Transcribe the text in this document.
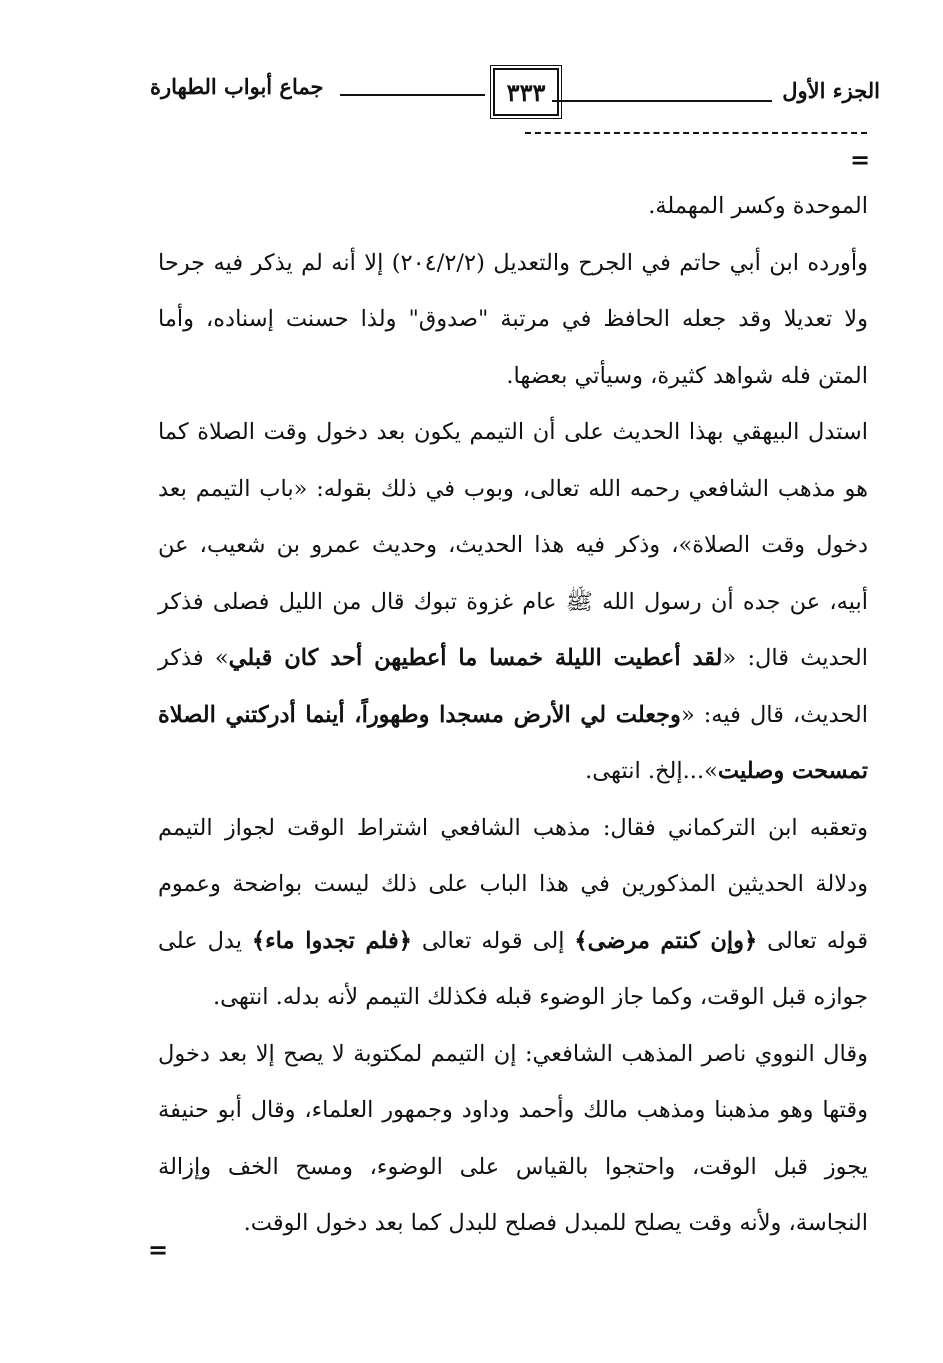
الجزء الأول
٣٣٣
جماع أبواب الطهارة
=

الموحدة وكسر المهملة.

وأورده ابن أبي حاتم في الجرح والتعديل (٢٠٤/٢/٢) إلا أنه لم يذكر فيه جرحا ولا تعديلا وقد جعله الحافظ في مرتبة "صدوق" ولذا حسنت إسناده، وأما المتن فله شواهد كثيرة، وسيأتي بعضها.

استدل البيهقي بهذا الحديث على أن التيمم يكون بعد دخول وقت الصلاة كما هو مذهب الشافعي رحمه الله تعالى، وبوب في ذلك بقوله: «باب التيمم بعد دخول وقت الصلاة»، وذكر فيه هذا الحديث، وحديث عمرو بن شعيب، عن أبيه، عن جده أن رسول الله ﷺ عام غزوة تبوك قال من الليل فصلى فذكر الحديث قال: «لقد أعطيت الليلة خمسا ما أعطيهن أحد كان قبلي» فذكر الحديث، قال فيه: «وجعلت لي الأرض مسجدا وطهوراً، أينما أدركتني الصلاة تمسحت وصليت»...إلخ. انتهى.

وتعقبه ابن التركماني فقال: مذهب الشافعي اشتراط الوقت لجواز التيمم ودلالة الحديثين المذكورين في هذا الباب على ذلك ليست بواضحة وعموم قوله تعالى ﴿وإن كنتم مرضى﴾ إلى قوله تعالى ﴿فلم تجدوا ماء﴾ يدل على جوازه قبل الوقت، وكما جاز الوضوء قبله فكذلك التيمم لأنه بدله. انتهى.

وقال النووي ناصر المذهب الشافعي: إن التيمم لمكتوبة لا يصح إلا بعد دخول وقتها وهو مذهبنا ومذهب مالك وأحمد وداود وجمهور العلماء، وقال أبو حنيفة يجوز قبل الوقت، واحتجوا بالقياس على الوضوء، ومسح الخف وإزالة النجاسة، ولأنه وقت يصلح للمبدل فصلح للبدل كما بعد دخول الوقت.

=
